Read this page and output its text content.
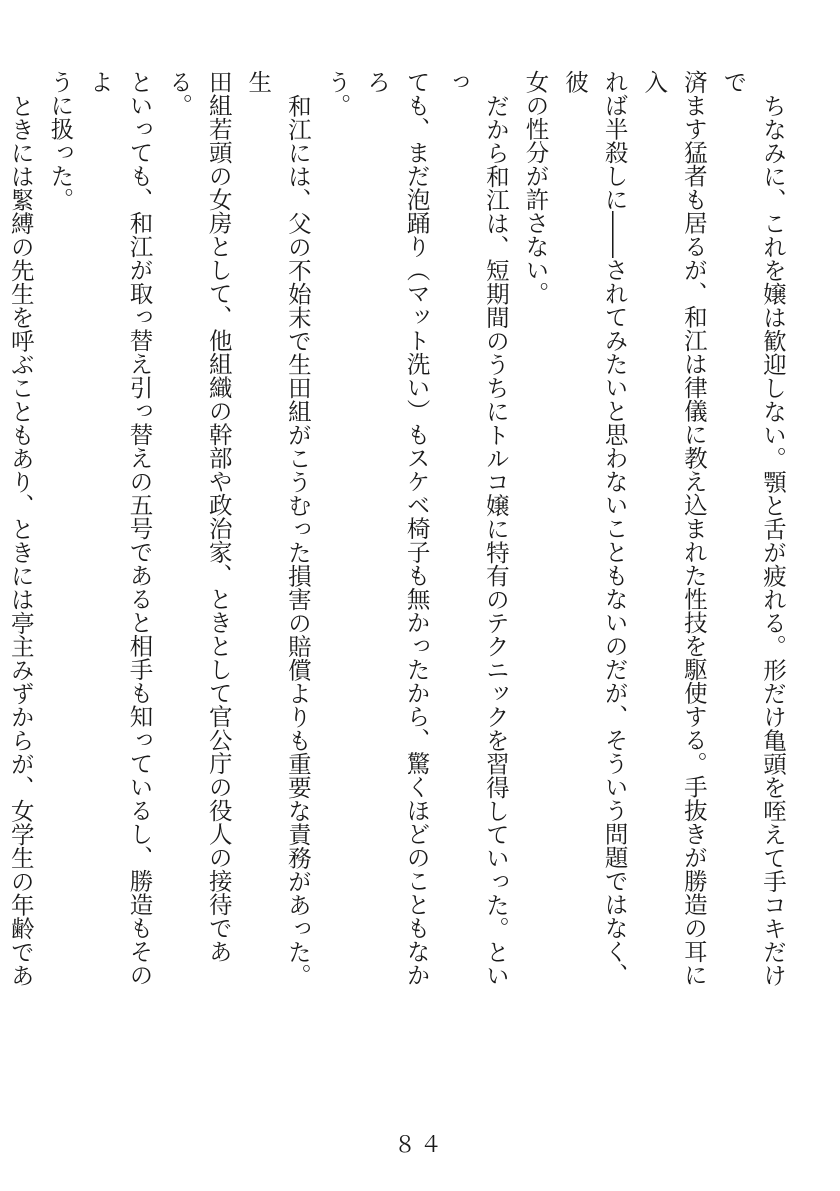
ちなみに、これを嬢は歓迎しない。顎と舌が疲れる。形だけ亀頭を咥えて手コキだけで
済ます猛者も居るが、和江は律儀に教え込まれた性技を駆使する。手抜きが勝造の耳に入
れば半殺しに――されてみたいと思わないこともないのだが、そういう問題ではなく、彼
女の性分が許さない。

だから和江は、短期間のうちにトルコ嬢に特有のテクニックを習得していった。といっ
ても、まだ泡踊り（マット洗い）もスケベ椅子も無かったから、驚くほどのこともなかろ
う。

和江には、父の不始末で生田組がこうむった損害の賠償よりも重要な責務があった。生
田組若頭の女房として、他組織の幹部や政治家、ときとして官公庁の役人の接待である。
といっても、和江が取っ替え引っ替えの五号であると相手も知っているし、勝造もそのよ
うに扱った。

ときには緊縛の先生を呼ぶこともあり、ときには亭主みずからが、女学生の年齢であ

８４
